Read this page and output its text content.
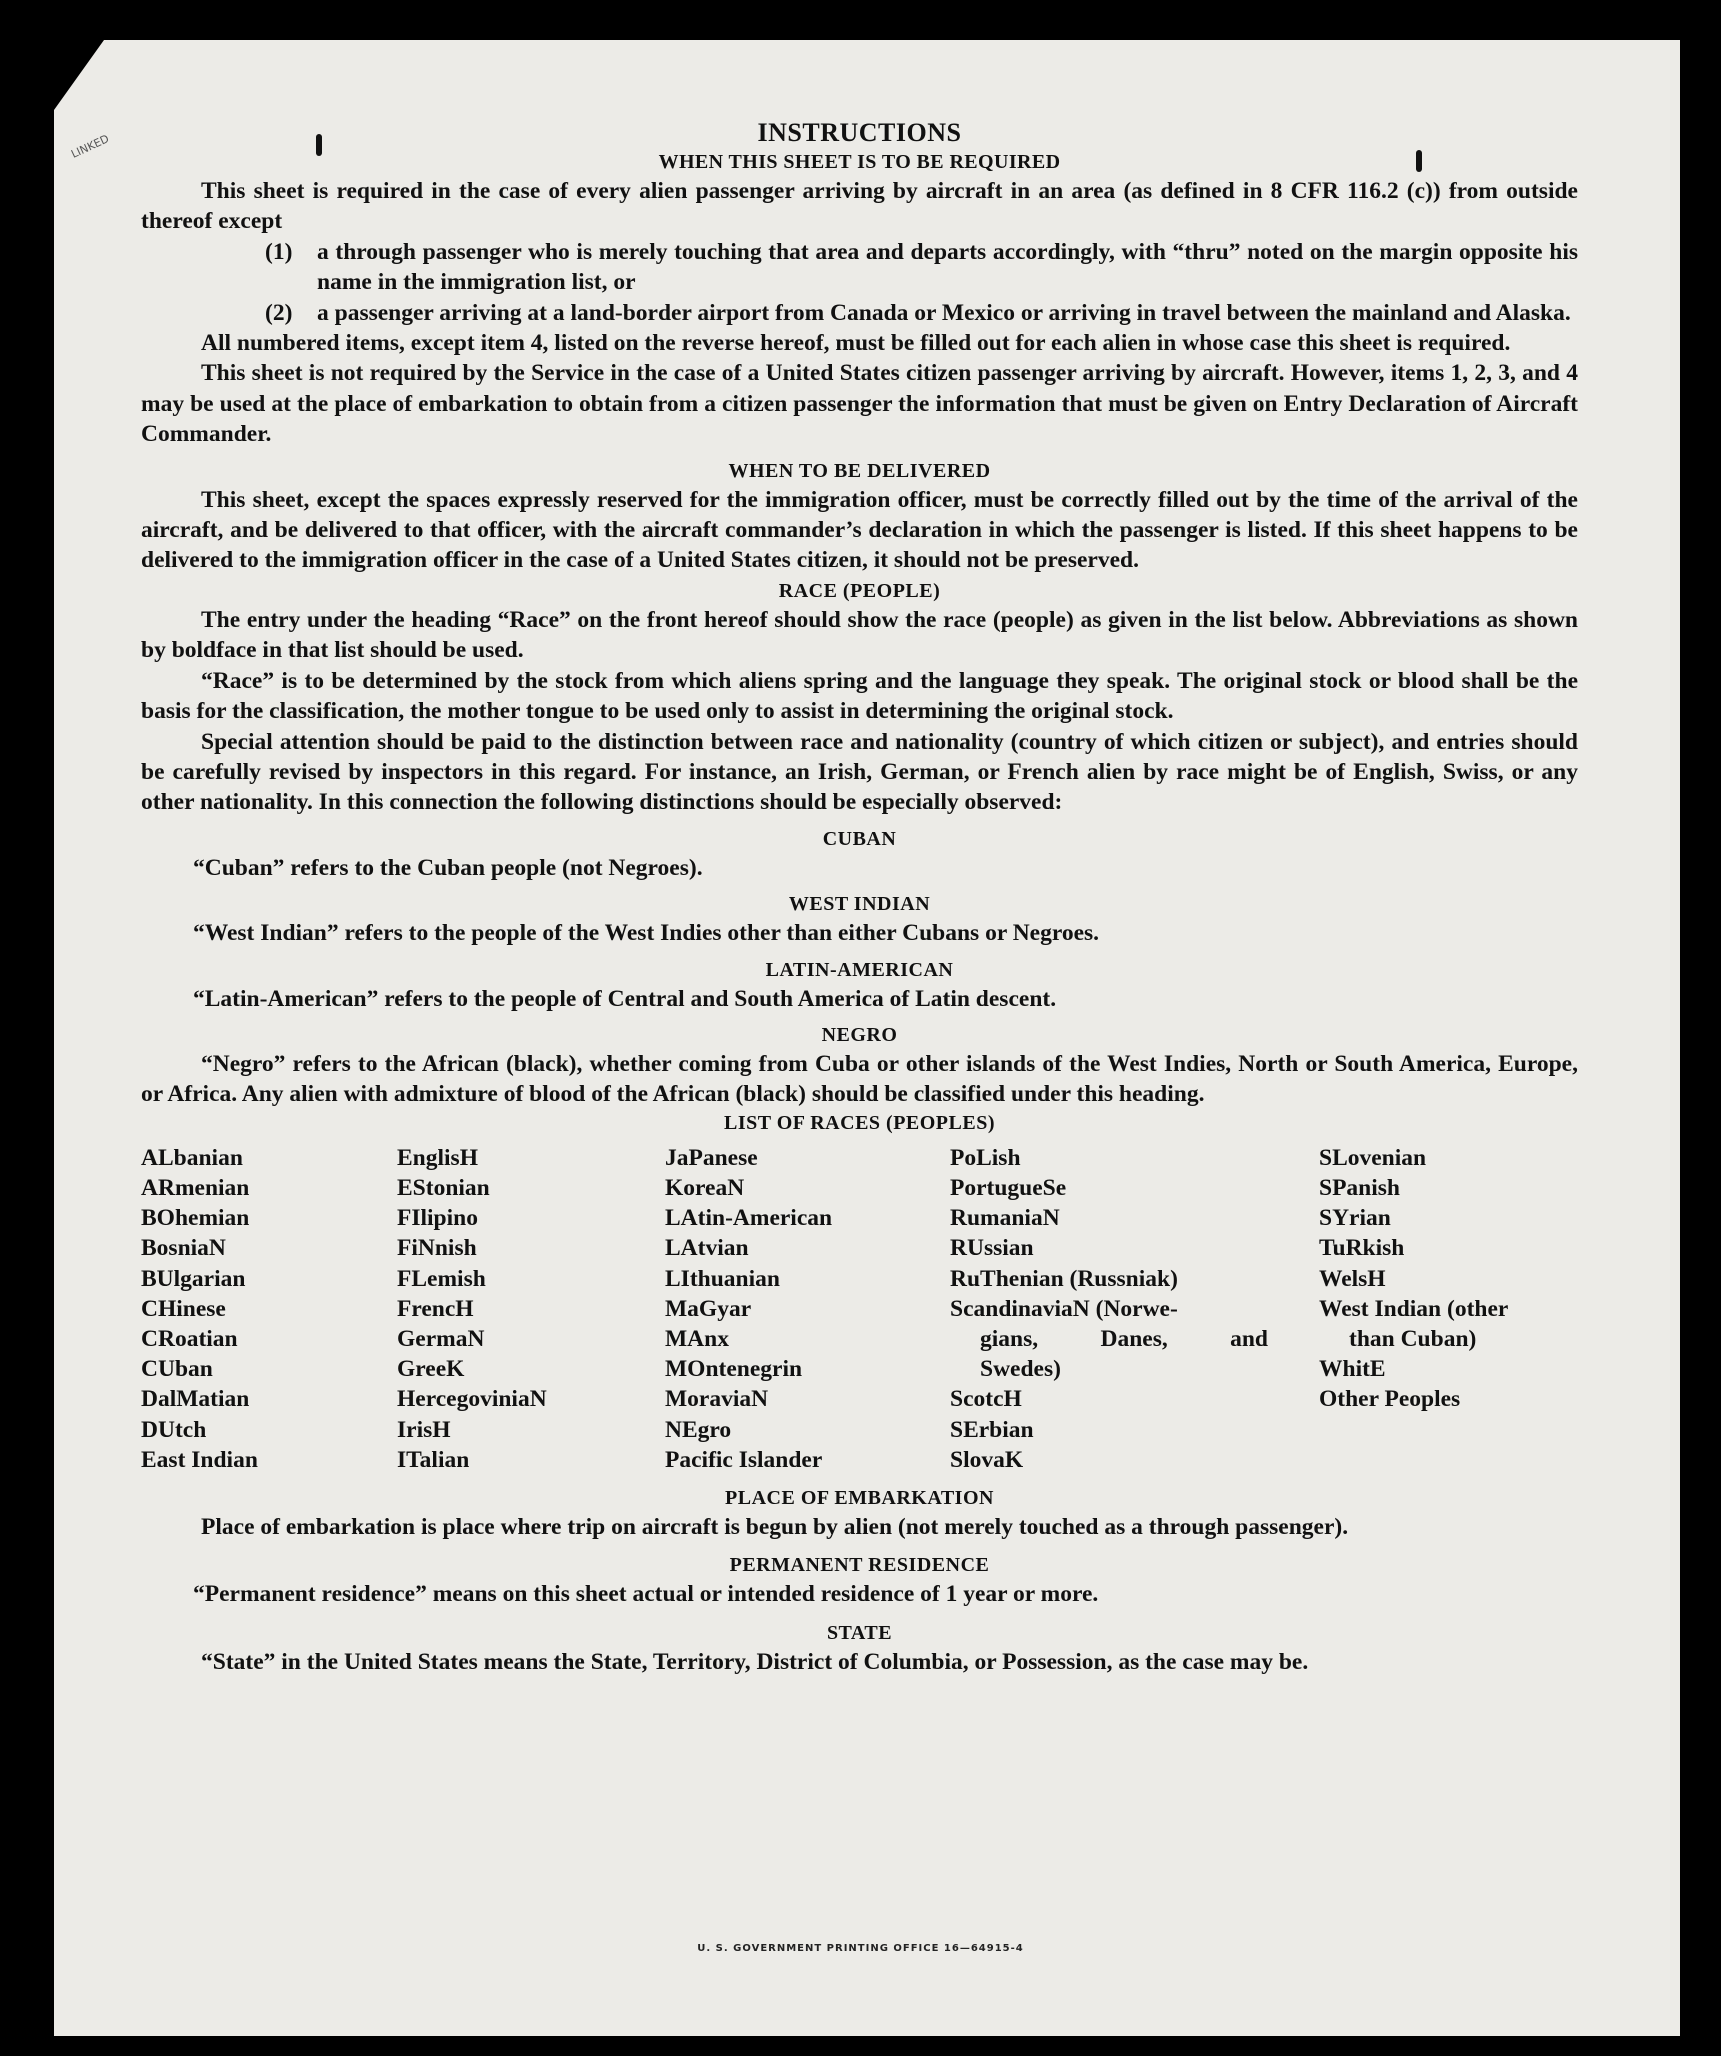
LINKED	INSTRUCTIONS
WHEN THIS SHEET IS TO BE REQUIRED

This sheet is required in the case of every alien passenger arriving by aircraft in an area (as defined in 8 CFR 116.2 (c)) from outside thereof except

(1)	a through passenger who is merely touching that area and departs accordingly, with “thru” noted on the margin opposite his name in the immigration list, or
(2)	a passenger arriving at a land-border airport from Canada or Mexico or arriving in travel between the mainland and Alaska.

All numbered items, except item 4, listed on the reverse hereof, must be filled out for each alien in whose case this sheet is required.

This sheet is not required by the Service in the case of a United States citizen passenger arriving by aircraft. However, items 1, 2, 3, and 4 may be used at the place of embarkation to obtain from a citizen passenger the information that must be given on Entry Declaration of Aircraft Commander.

WHEN TO BE DELIVERED

This sheet, except the spaces expressly reserved for the immigration officer, must be correctly filled out by the time of the arrival of the aircraft, and be delivered to that officer, with the aircraft commander’s declaration in which the passenger is listed. If this sheet happens to be delivered to the immigration officer in the case of a United States citizen, it should not be preserved.

RACE (PEOPLE)

The entry under the heading “Race” on the front hereof should show the race (people) as given in the list below. Abbreviations as shown by boldface in that list should be used.

“Race” is to be determined by the stock from which aliens spring and the language they speak. The original stock or blood shall be the basis for the classification, the mother tongue to be used only to assist in determining the original stock.

Special attention should be paid to the distinction between race and nationality (country of which citizen or subject), and entries should be carefully revised by inspectors in this regard. For instance, an Irish, German, or French alien by race might be of English, Swiss, or any other nationality. In this connection the following distinctions should be especially observed:

CUBAN

“Cuban” refers to the Cuban people (not Negroes).

WEST INDIAN

“West Indian” refers to the people of the West Indies other than either Cubans or Negroes.

LATIN-AMERICAN

“Latin-American” refers to the people of Central and South America of Latin descent.

NEGRO

“Negro” refers to the African (black), whether coming from Cuba or other islands of the West Indies, North or South America, Europe, or Africa. Any alien with admixture of blood of the African (black) should be classified under this heading.

LIST OF RACES (PEOPLES)
ALbanian
ARmenian
BOhemian
BosniaN
BUlgarian
CHinese
CRoatian
CUban
DalMatian
DUtch
East Indian
EnglisH
EStonian
FIlipino
FiNnish
FLemish
FrencH
GermaN
GreeK
HercegoviniaN
IrisH
ITalian
JaPanese
KoreaN
LAtin-American
LAtvian
LIthuanian
MaGyar
MAnx
MOntenegrin
MoraviaN
NEgro
Pacific Islander
PoLish
PortugueSe
RumaniaN
RUssian
RuThenian (Russniak)
ScandinaviaN (Norwe-
gians,	Danes,	and
Swedes)
ScotcH
SErbian
SlovaK
SLovenian
SPanish
SYrian
TuRkish
WelsH
West Indian (other
than Cuban)
WhitE
Other Peoples
PLACE OF EMBARKATION

Place of embarkation is place where trip on aircraft is begun by alien (not merely touched as a through passenger).

PERMANENT RESIDENCE

“Permanent residence” means on this sheet actual or intended residence of 1 year or more.

STATE

“State” in the United States means the State, Territory, District of Columbia, or Possession, as the case may be.

U. S. GOVERNMENT PRINTING OFFICE 16—64915-4
